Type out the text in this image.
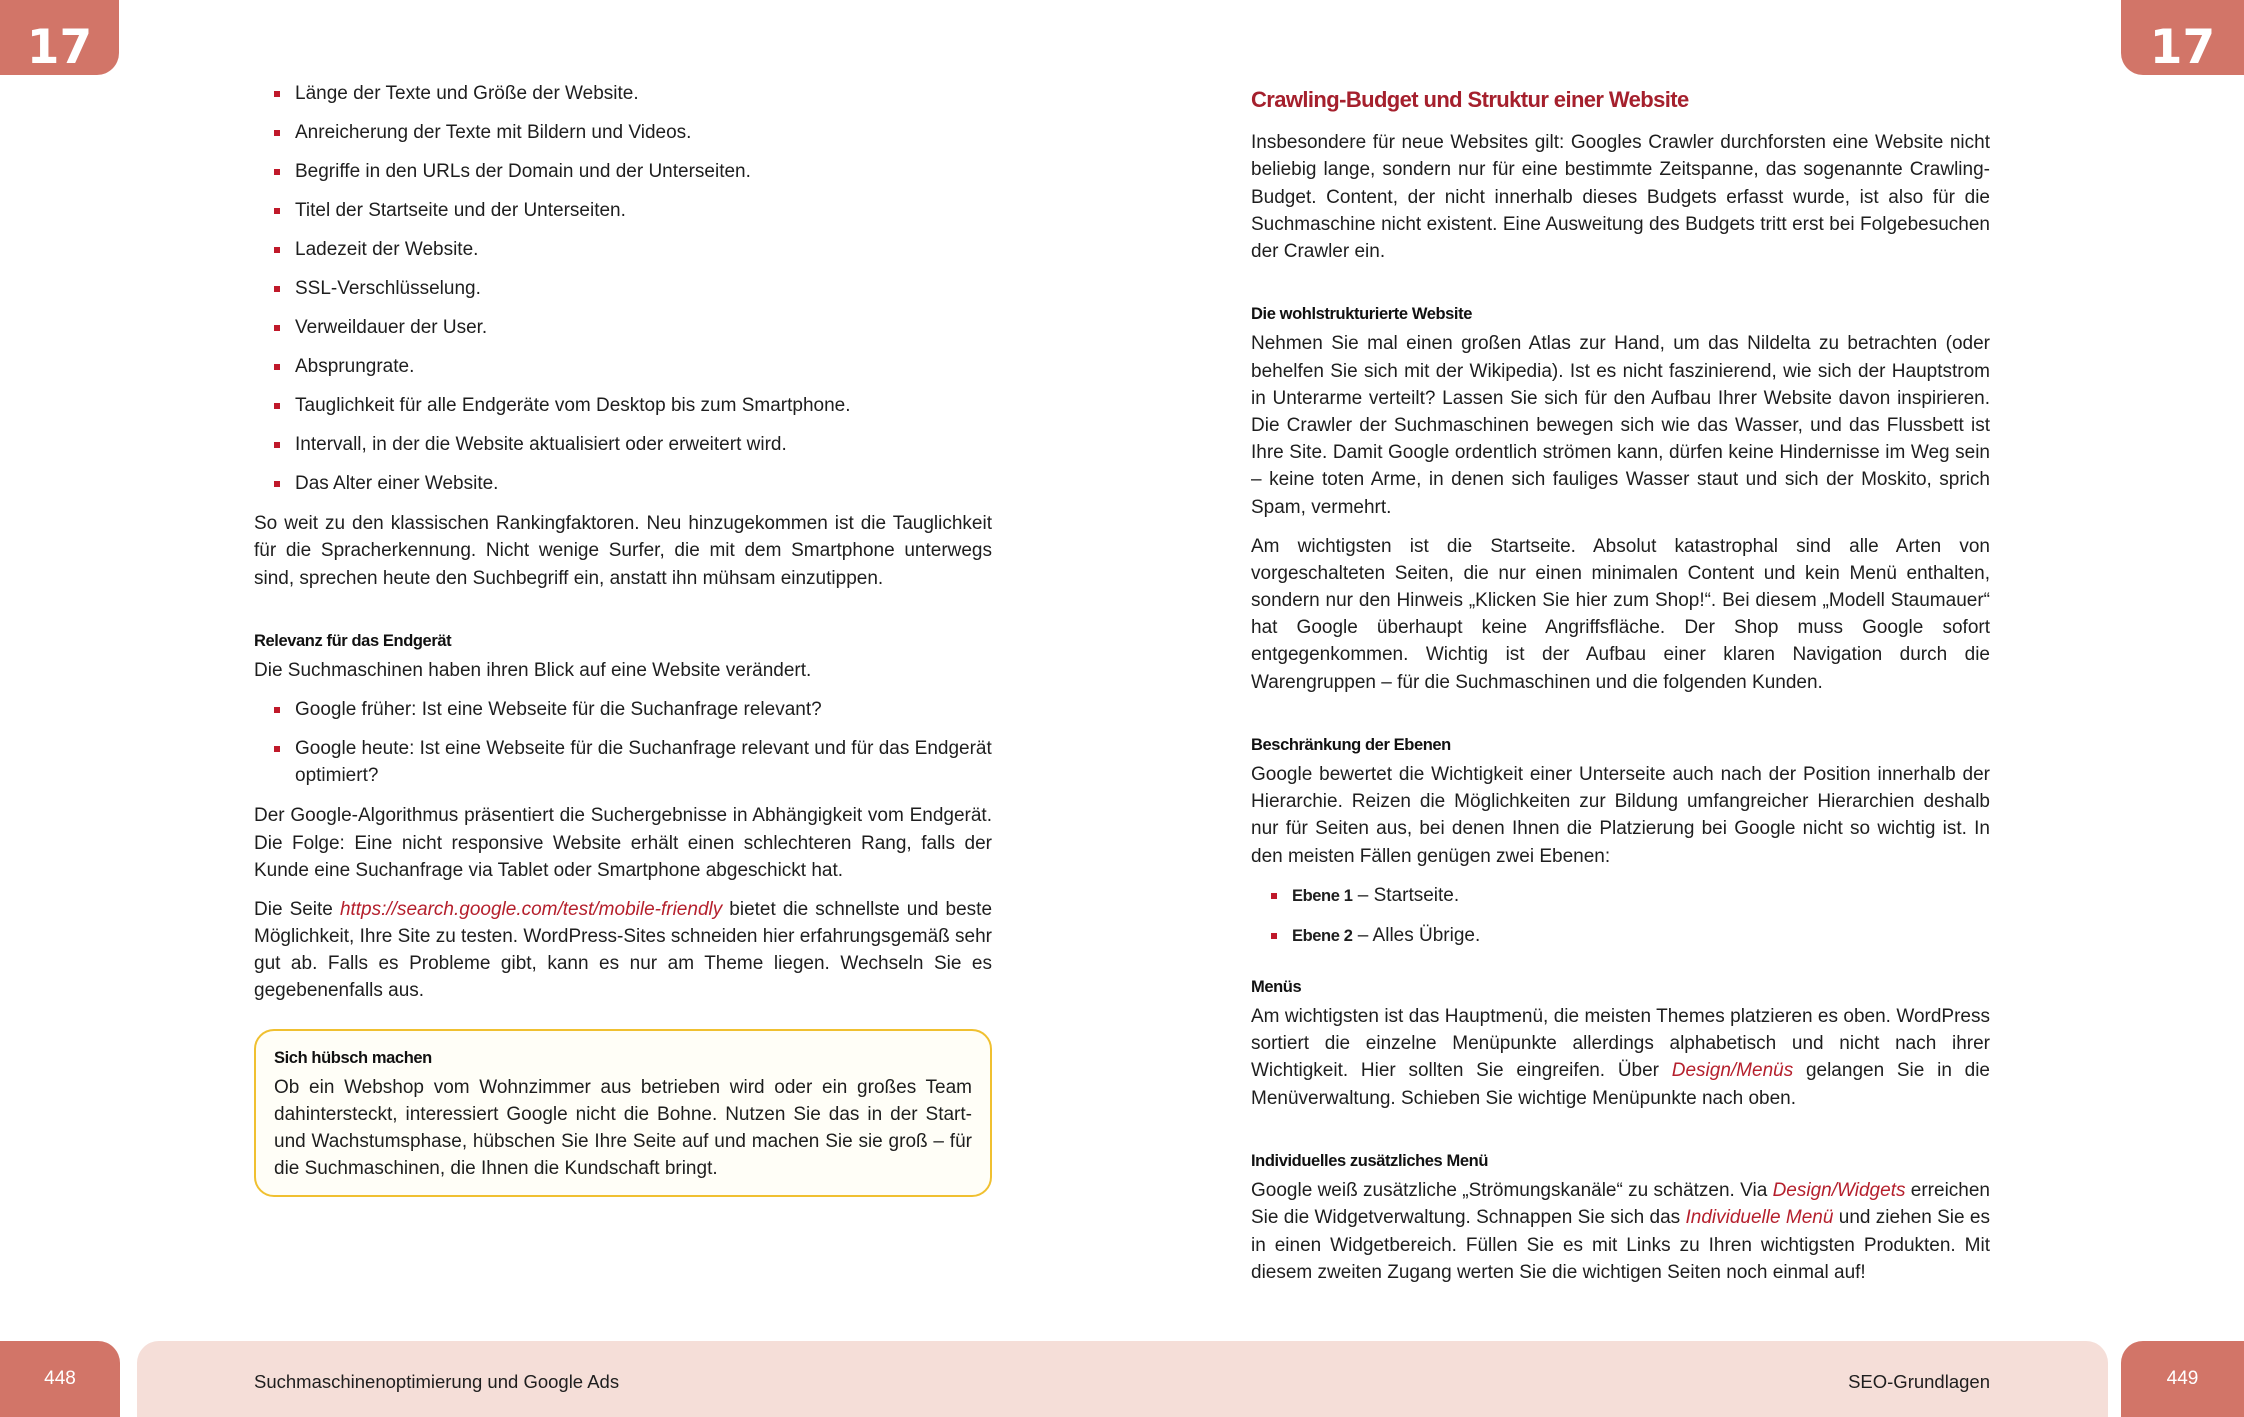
17	17
Länge der Texte und Größe der Website.
Anreicherung der Texte mit Bildern und Videos.
Begriffe in den URLs der Domain und der Unterseiten.
Titel der Startseite und der Unterseiten.
Ladezeit der Website.
SSL-Verschlüsselung.
Verweildauer der User.
Absprungrate.
Tauglichkeit für alle Endgeräte vom Desktop bis zum Smartphone.
Intervall, in der die Website aktualisiert oder erweitert wird.
Das Alter einer Website.

So weit zu den klassischen Rankingfaktoren. Neu hinzugekommen ist die Tauglichkeit für die Spracherkennung. Nicht wenige Surfer, die mit dem Smartphone unterwegs sind, sprechen heute den Suchbegriff ein, anstatt ihn mühsam einzutippen.

Relevanz für das Endgerät

Die Suchmaschinen haben ihren Blick auf eine Website verändert.

Google früher: Ist eine Webseite für die Suchanfrage relevant?
Google heute: Ist eine Webseite für die Suchanfrage relevant und für das Endgerät optimiert?

Der Google-Algorithmus präsentiert die Suchergebnisse in Abhängigkeit vom Endgerät. Die Folge: Eine nicht responsive Website erhält einen schlechteren Rang, falls der Kunde eine Suchanfrage via Tablet oder Smartphone abgeschickt hat.

Die Seite https://search.google.com/test/mobile-friendly bietet die schnellste und beste Möglichkeit, Ihre Site zu testen. WordPress-Sites schneiden hier erfahrungsgemäß sehr gut ab. Falls es Probleme gibt, kann es nur am Theme liegen. Wechseln Sie es gegebenenfalls aus.

Sich hübsch machen

Ob ein Webshop vom Wohnzimmer aus betrieben wird oder ein großes Team dahintersteckt, interessiert Google nicht die Bohne. Nutzen Sie das in der Start- und Wachstumsphase, hübschen Sie Ihre Seite auf und machen Sie sie groß – für die Suchmaschinen, die Ihnen die Kundschaft bringt.

Crawling-Budget und Struktur einer Website

Insbesondere für neue Websites gilt: Googles Crawler durchforsten eine Website nicht beliebig lange, sondern nur für eine bestimmte Zeitspanne, das sogenannte Crawling-Budget. Content, der nicht innerhalb dieses Budgets erfasst wurde, ist also für die Suchmaschine nicht existent. Eine Ausweitung des Budgets tritt erst bei Folgebesuchen der Crawler ein.

Die wohlstrukturierte Website

Nehmen Sie mal einen großen Atlas zur Hand, um das Nildelta zu betrachten (oder behelfen Sie sich mit der Wikipedia). Ist es nicht faszinierend, wie sich der Hauptstrom in Unterarme verteilt? Lassen Sie sich für den Aufbau Ihrer Website davon inspirieren. Die Crawler der Suchmaschinen bewegen sich wie das Wasser, und das Flussbett ist Ihre Site. Damit Google ordentlich strömen kann, dürfen keine Hindernisse im Weg sein – keine toten Arme, in denen sich fauliges Wasser staut und sich der Moskito, sprich Spam, vermehrt.

Am wichtigsten ist die Startseite. Absolut katastrophal sind alle Arten von vorgeschalteten Seiten, die nur einen minimalen Content und kein Menü enthalten, sondern nur den Hinweis „Klicken Sie hier zum Shop!“. Bei diesem „Modell Staumauer“ hat Google überhaupt keine Angriffsfläche. Der Shop muss Google sofort entgegenkommen. Wichtig ist der Aufbau einer klaren Navigation durch die Warengruppen – für die Suchmaschinen und die folgenden Kunden.

Beschränkung der Ebenen

Google bewertet die Wichtigkeit einer Unterseite auch nach der Position innerhalb der Hierarchie. Reizen die Möglichkeiten zur Bildung umfangreicher Hierarchien deshalb nur für Seiten aus, bei denen Ihnen die Platzierung bei Google nicht so wichtig ist. In den meisten Fällen genügen zwei Ebenen:

Ebene 1 – Startseite.
Ebene 2 – Alles Übrige.
Menüs

Am wichtigsten ist das Hauptmenü, die meisten Themes platzieren es oben. WordPress sortiert die einzelne Menüpunkte allerdings alphabetisch und nicht nach ihrer Wichtigkeit. Hier sollten Sie eingreifen. Über Design/Menüs gelangen Sie in die Menüverwaltung. Schieben Sie wichtige Menüpunkte nach oben.

Individuelles zusätzliches Menü

Google weiß zusätzliche „Strömungskanäle“ zu schätzen. Via Design/Widgets erreichen Sie die Widgetverwaltung. Schnappen Sie sich das Individuelle Menü und ziehen Sie es in einen Widgetbereich. Füllen Sie es mit Links zu Ihren wichtigsten Produkten. Mit diesem zweiten Zugang werten Sie die wichtigen Seiten noch einmal auf!

448	Suchmaschinenoptimierung und Google Ads	SEO-Grundlagen	449
